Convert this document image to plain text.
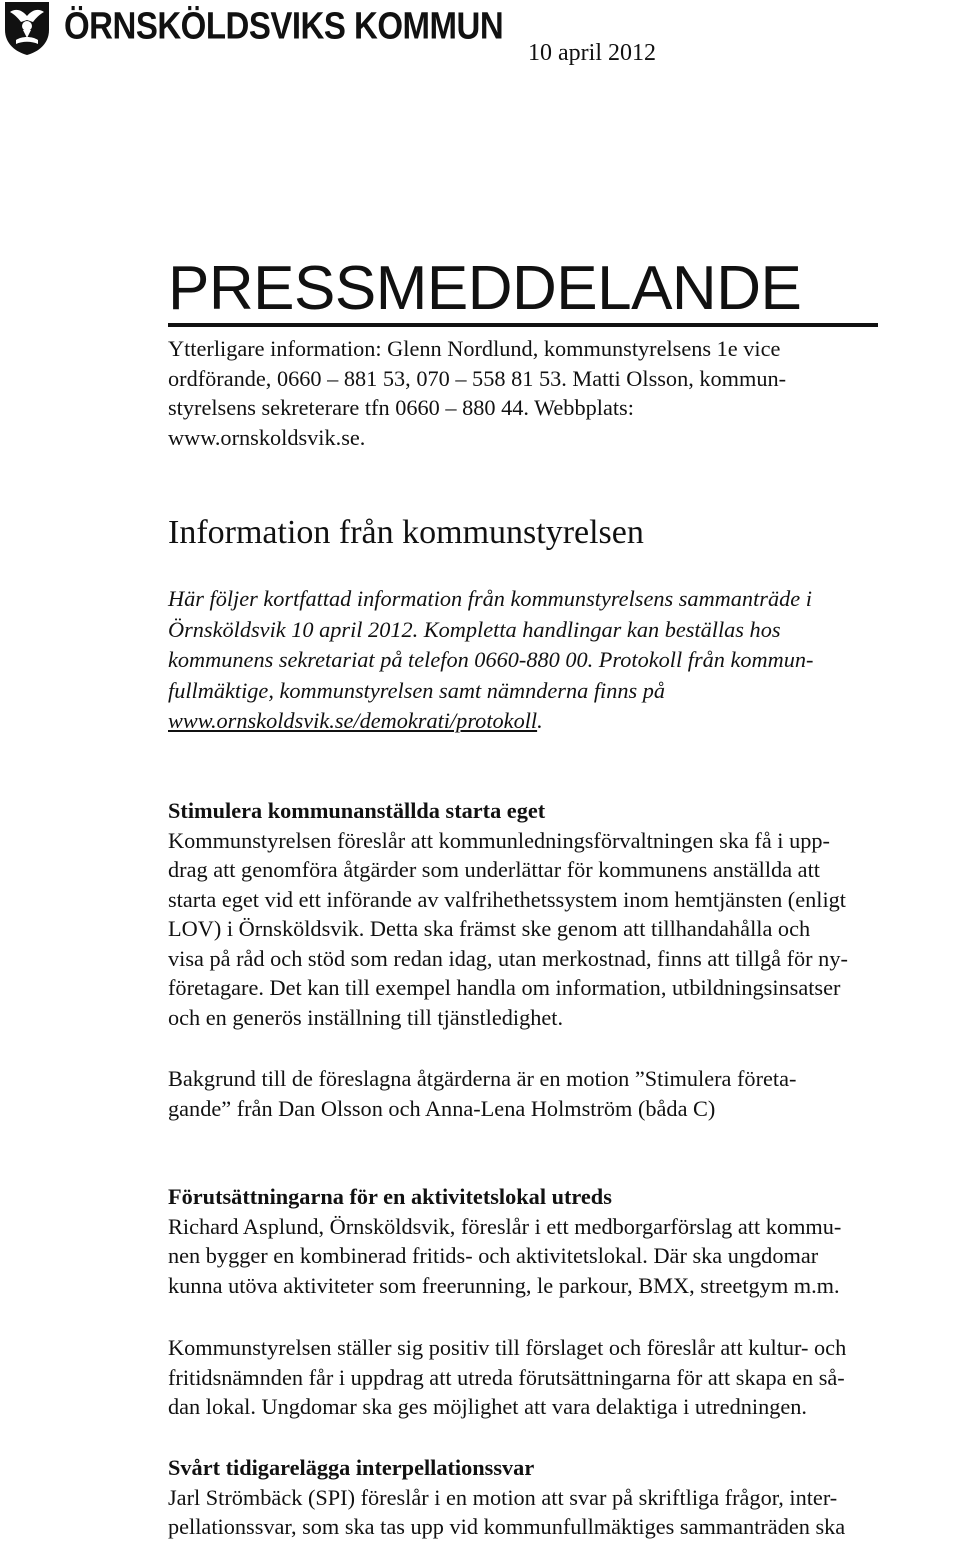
ÖRNSKÖLDSVIKS KOMMUN
10 april 2012
PRESSMEDDELANDE

Ytterligare information: Glenn Nordlund, kommunstyrelsens 1e vice
ordförande, 0660 – 881 53, 070 – 558 81 53. Matti Olsson, kommun-
styrelsens sekreterare tfn 0660 – 880 44. Webbplats:
www.ornskoldsvik.se.

Information från kommunstyrelsen

Här följer kortfattad information från kommunstyrelsens sammanträde i
Örnsköldsvik 10 april 2012. Kompletta handlingar kan beställas hos
kommunens sekretariat på telefon 0660-880 00. Protokoll från kommun-
fullmäktige, kommunstyrelsen samt nämnderna finns på
www.ornskoldsvik.se/demokrati/protokoll.

Stimulera kommunanställda starta eget
Kommunstyrelsen föreslår att kommunledningsförvaltningen ska få i upp-
drag att genomföra åtgärder som underlättar för kommunens anställda att
starta eget vid ett införande av valfrihethetssystem inom hemtjänsten (enligt
LOV) i Örnsköldsvik. Detta ska främst ske genom att tillhandahålla och
visa på råd och stöd som redan idag, utan merkostnad, finns att tillgå för ny-
företagare. Det kan till exempel handla om information, utbildningsinsatser
och en generös inställning till tjänstledighet.

Bakgrund till de föreslagna åtgärderna är en motion ”Stimulera företa-
gande” från Dan Olsson och Anna-Lena Holmström (båda C)

Förutsättningarna för en aktivitetslokal utreds
Richard Asplund, Örnsköldsvik, föreslår i ett medborgarförslag att kommu-
nen bygger en kombinerad fritids- och aktivitetslokal. Där ska ungdomar
kunna utöva aktiviteter som freerunning, le parkour, BMX, streetgym m.m.

Kommunstyrelsen ställer sig positiv till förslaget och föreslår att kultur- och
fritidsnämnden får i uppdrag att utreda förutsättningarna för att skapa en så-
dan lokal. Ungdomar ska ges möjlighet att vara delaktiga i utredningen.

Svårt tidigarelägga interpellationssvar
Jarl Strömbäck (SPI) föreslår i en motion att svar på skriftliga frågor, inter-
pellationssvar, som ska tas upp vid kommunfullmäktiges sammanträden ska
